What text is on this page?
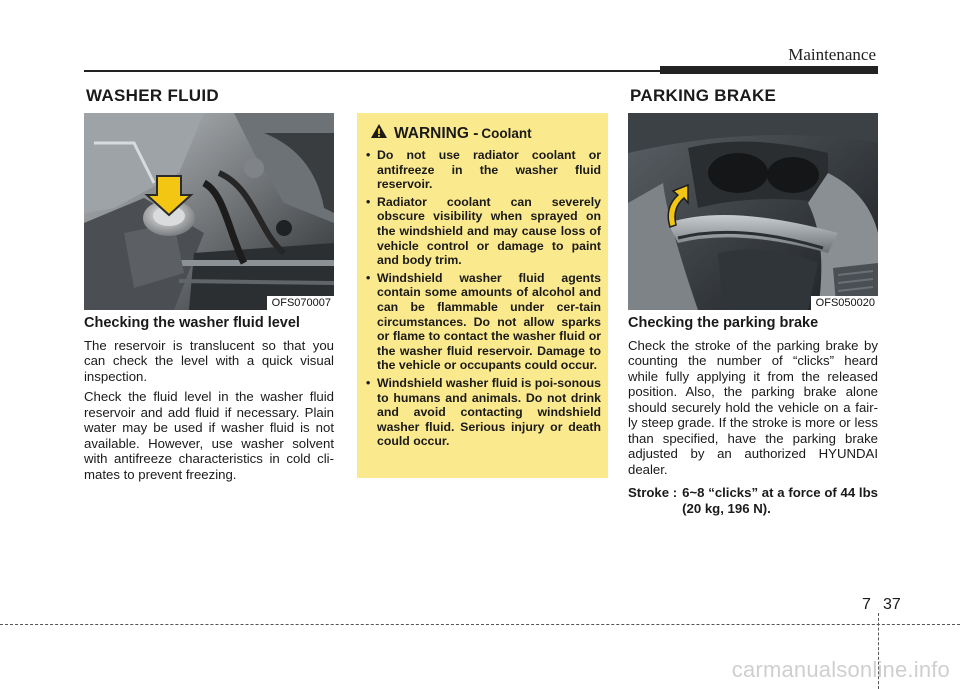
Maintenance
WASHER FLUID	PARKING BRAKE
OFS070007
Checking the washer fluid level

The reservoir is translucent so that you can check the level with a quick visual inspection.

Check the fluid level in the washer fluid reservoir and add fluid if necessary. Plain water may be used if washer fluid is not available. However, use washer solvent with antifreeze characteristics in cold cli-mates to prevent freezing.

WARNING - Coolant
• Do not use radiator coolant or antifreeze in the washer fluid reservoir.
• Radiator coolant can severely obscure visibility when sprayed on the windshield and may cause loss of vehicle control or damage to paint and body trim.
• Windshield washer fluid agents contain some amounts of alcohol and can be flammable under cer-tain circumstances. Do not allow sparks or flame to contact the washer fluid or the washer fluid reservoir. Damage to the vehicle or occupants could occur.
• Windshield washer fluid is poi-sonous to humans and animals. Do not drink and avoid contacting windshield washer fluid. Serious injury or death could occur.
OFS050020
Checking the parking brake

Check the stroke of the parking brake by counting the number of “clicks” heard while fully applying it from the released position. Also, the parking brake alone should securely hold the vehicle on a fair-ly steep grade. If the stroke is more or less than specified, have the parking brake adjusted by an authorized HYUNDAI dealer.

Stroke : 6~8 “clicks” at a force of 44 lbs (20 kg, 196 N).
7 37
carmanualsonline.info
